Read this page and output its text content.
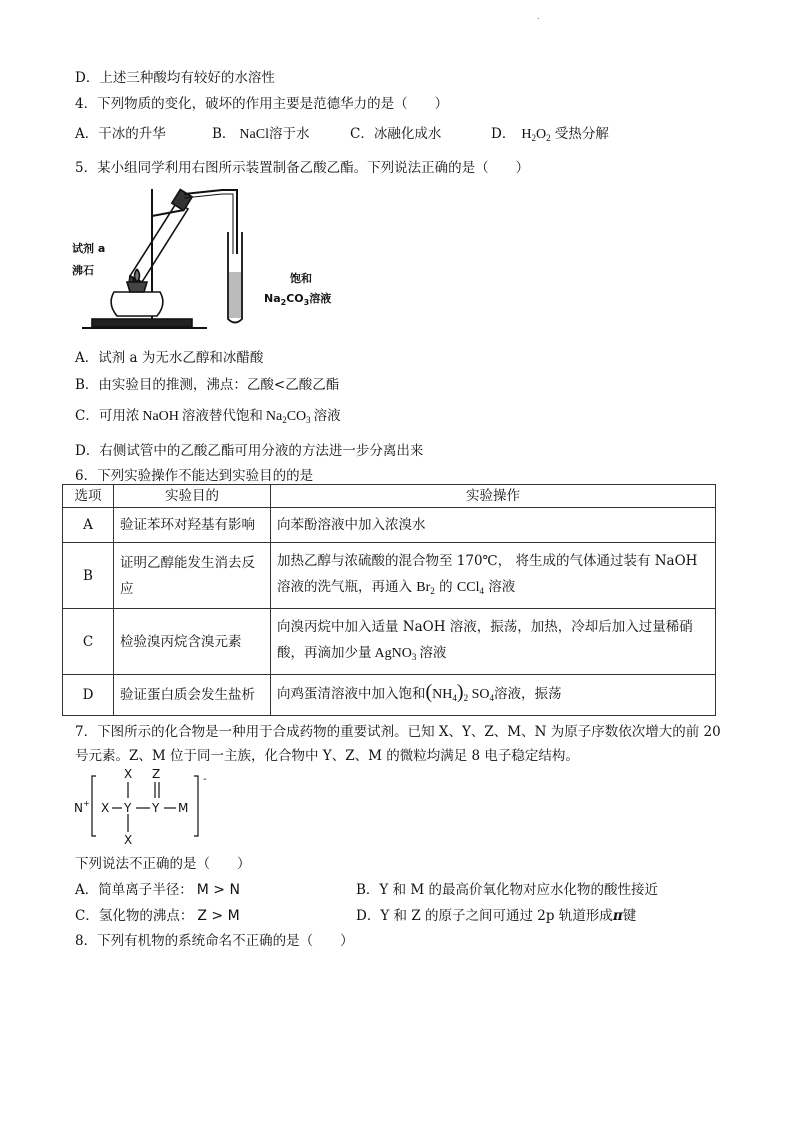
.
D．上述三种酸均有较好的水溶性
4．下列物质的变化，破坏的作用主要是范德华力的是（　　）
A．干冰的升华	B． NaCl溶于水	C．冰融化成水	D． $H_2O_2$ 受热分解
5．某小组同学利用右图所示装置制备乙酸乙酯。下列说法正确的是（　　）
试剂 a
沸石
饱和
$Na_2CO_3$溶液
A．试剂 a 为无水乙醇和冰醋酸
B．由实验目的推测，沸点：乙酸<乙酸乙酯
C．可用浓 NaOH 溶液替代饱和 $Na_2CO_3$ 溶液
D．右侧试管中的乙酸乙酯可用分液的方法进一步分离出来
6．下列实验操作不能达到实验目的的是
选项	实验目的	实验操作
A	验证苯环对羟基有影响	向苯酚溶液中加入浓溴水
B	证明乙醇能发生消去反应	加热乙醇与浓硫酸的混合物至 170℃， 将生成的气体通过装有 NaOH
溶液的洗气瓶，再通入 $Br_2$ 的 CCl$_4$ 溶液

C	检验溴丙烷含溴元素	向溴丙烷中加入适量 NaOH 溶液，振荡，加热，冷却后加入过量稀硝
酸，再滴加少量 AgNO$_3$ 溶液

D	验证蛋白质会发生盐析	向鸡蛋清溶液中加入饱和$(NH_4)_2$ $SO_4$溶液，振荡
7．下图所示的化合物是一种用于合成药物的重要试剂。已知 X、Y、Z、M、N 为原子序数依次增大的前 20
号元素。Z、M 位于同一主族，化合物中 Y、Z、M 的微粒均满足 8 电子稳定结构。
N + X Y
X
X
Z
Y M
-
下列说法不正确的是（　　）
A．简单离子半径： M > N	B．Y 和 M 的最高价氧化物对应水化物的酸性接近
C．氢化物的沸点： Z > M	D．Y 和 Z 的原子之间可通过 2p 轨道形成π键
8．下列有机物的系统命名不正确的是（　　）
